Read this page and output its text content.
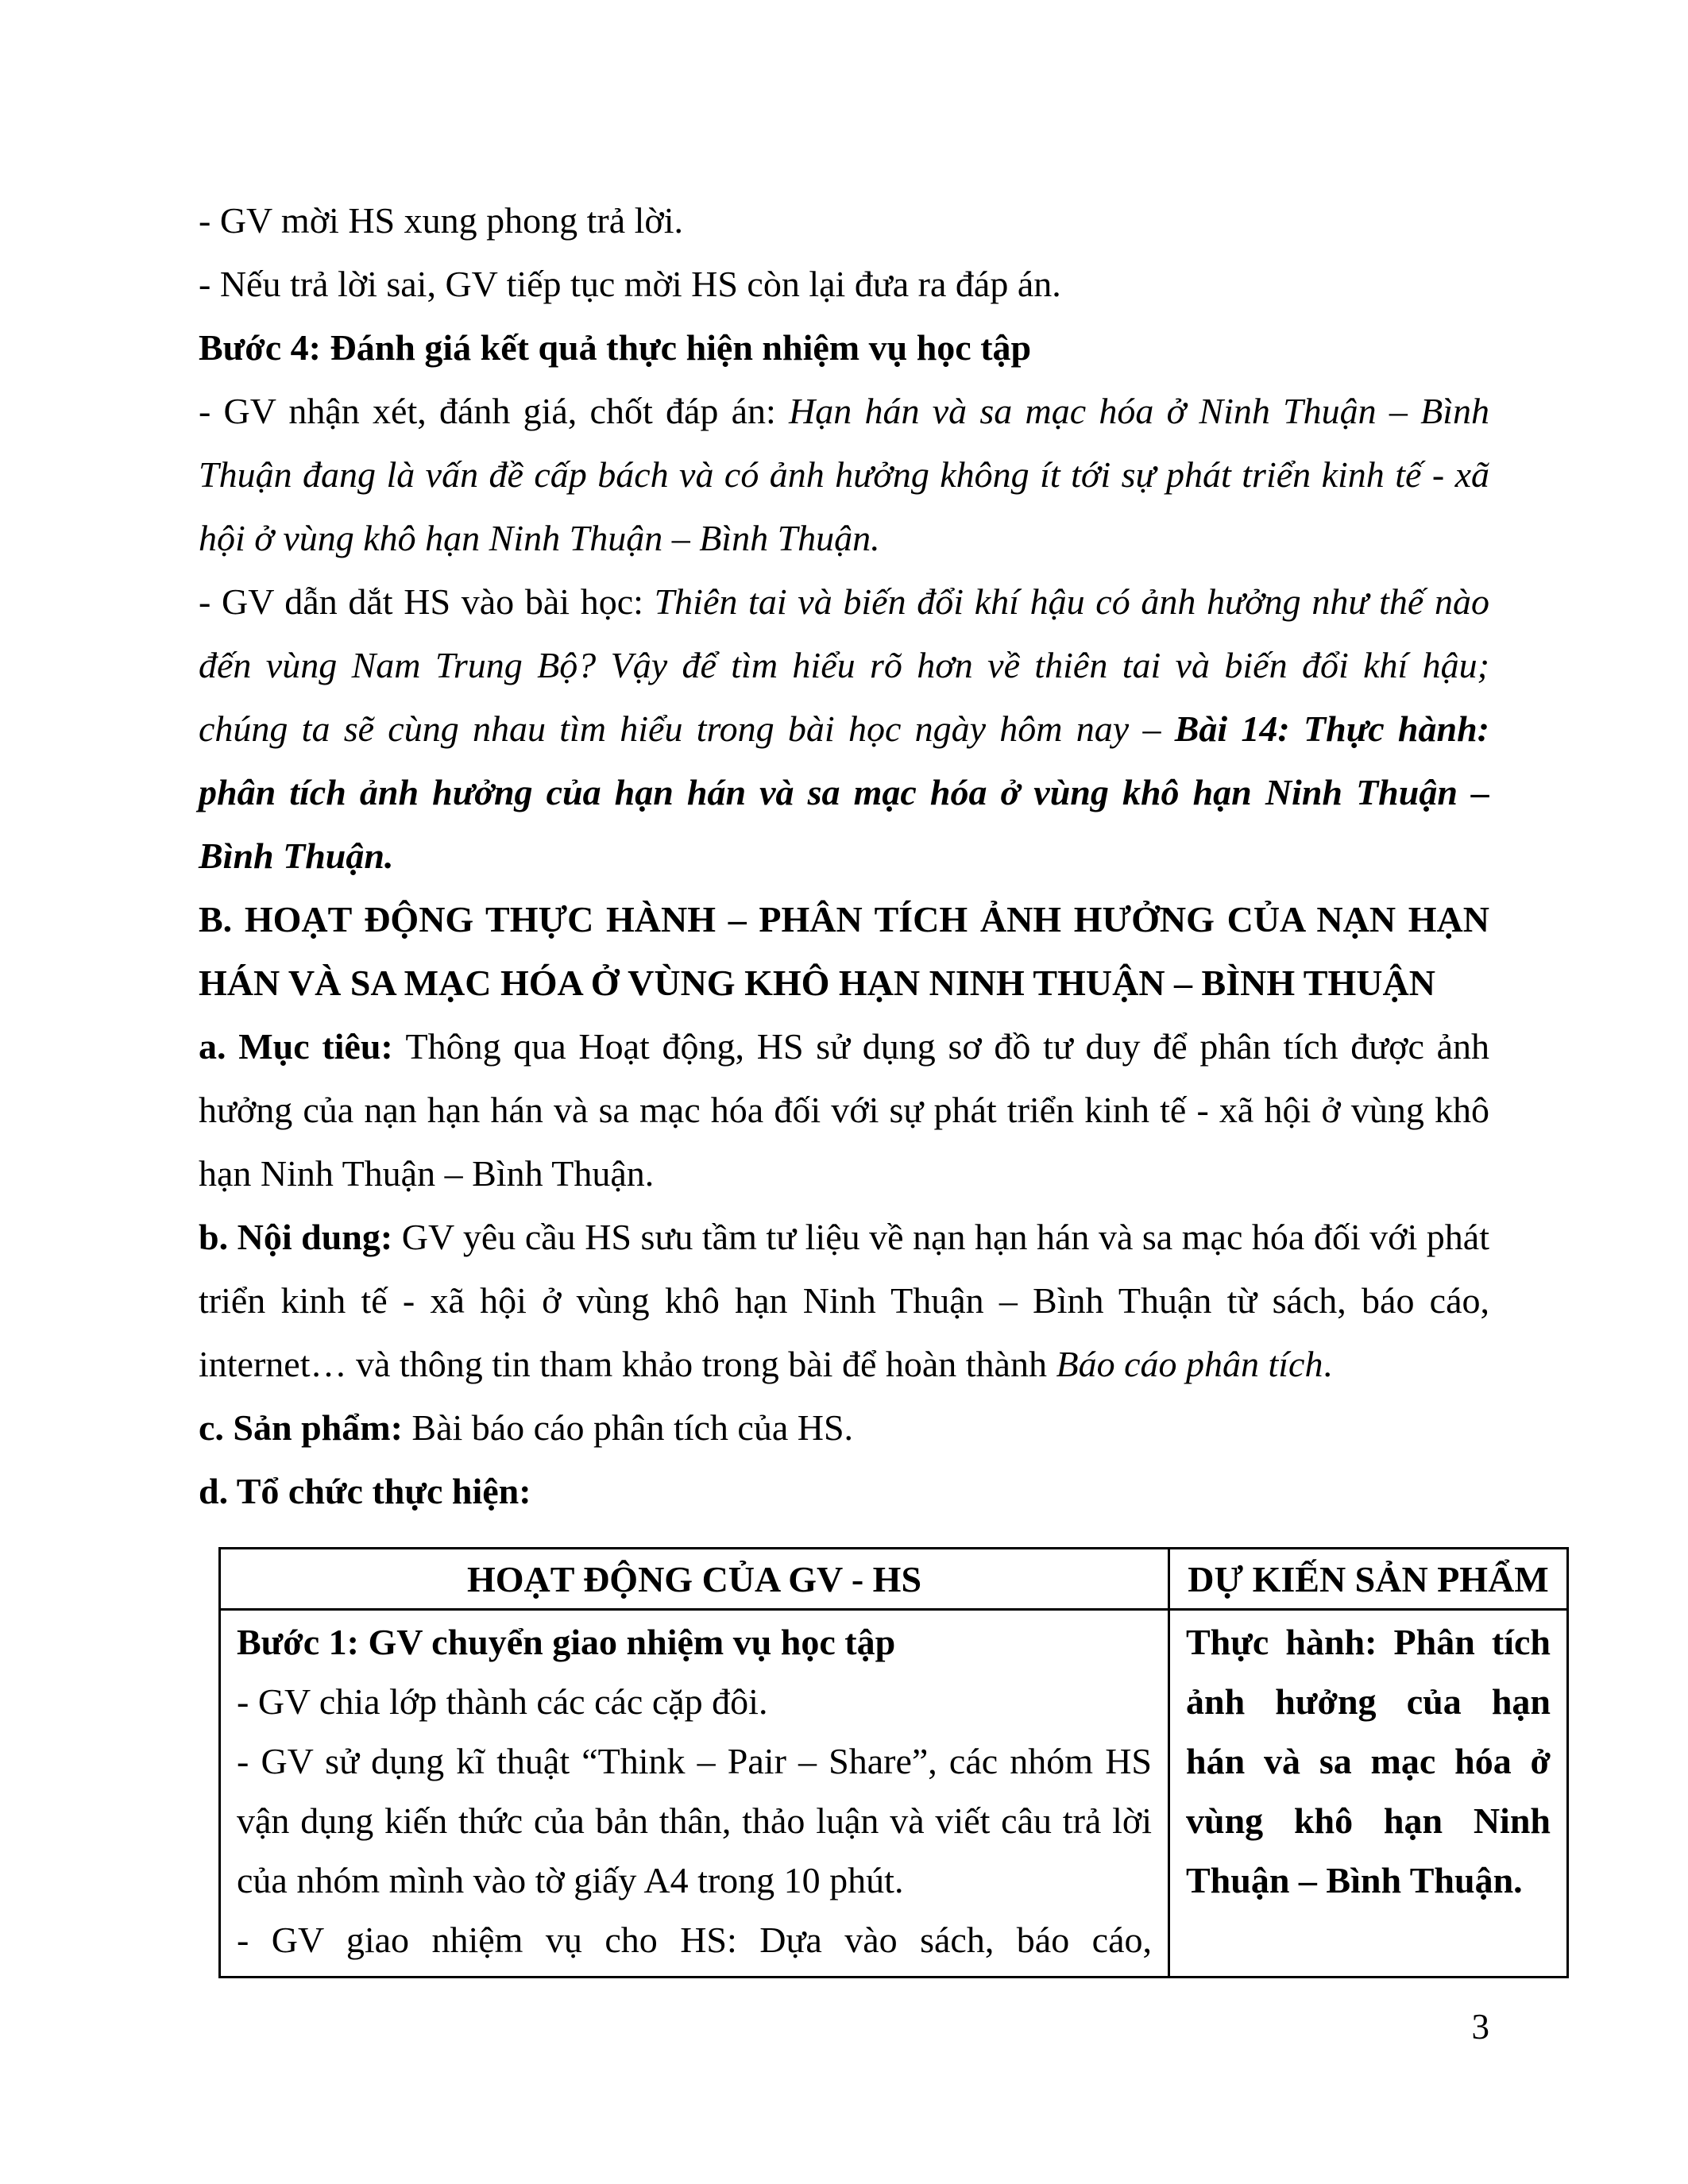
- GV mời HS xung phong trả lời.

- Nếu trả lời sai, GV tiếp tục mời HS còn lại đưa ra đáp án.

Bước 4: Đánh giá kết quả thực hiện nhiệm vụ học tập

- GV nhận xét, đánh giá, chốt đáp án: Hạn hán và sa mạc hóa ở Ninh Thuận – Bình Thuận đang là vấn đề cấp bách và có ảnh hưởng không ít tới sự phát triển kinh tế - xã hội ở vùng khô hạn Ninh Thuận – Bình Thuận.

- GV dẫn dắt HS vào bài học: Thiên tai và biến đổi khí hậu có ảnh hưởng như thế nào đến vùng Nam Trung Bộ? Vậy để tìm hiểu rõ hơn về thiên tai và biến đổi khí hậu; chúng ta sẽ cùng nhau tìm hiểu trong bài học ngày hôm nay – Bài 14: Thực hành: phân tích ảnh hưởng của hạn hán và sa mạc hóa ở vùng khô hạn Ninh Thuận – Bình Thuận.

B. HOẠT ĐỘNG THỰC HÀNH – PHÂN TÍCH ẢNH HƯỞNG CỦA NẠN HẠN HÁN VÀ SA MẠC HÓA Ở VÙNG KHÔ HẠN NINH THUẬN – BÌNH THUẬN

a. Mục tiêu: Thông qua Hoạt động, HS sử dụng sơ đồ tư duy để phân tích được ảnh hưởng của nạn hạn hán và sa mạc hóa đối với sự phát triển kinh tế - xã hội ở vùng khô hạn Ninh Thuận – Bình Thuận.

b. Nội dung: GV yêu cầu HS sưu tầm tư liệu về nạn hạn hán và sa mạc hóa đối với phát triển kinh tế - xã hội ở vùng khô hạn Ninh Thuận – Bình Thuận từ sách, báo cáo, internet… và thông tin tham khảo trong bài để hoàn thành Báo cáo phân tích.

c. Sản phẩm: Bài báo cáo phân tích của HS.

d. Tổ chức thực hiện:

HOẠT ĐỘNG CỦA GV - HS	DỰ KIẾN SẢN PHẨM

Bước 1: GV chuyển giao nhiệm vụ học tập

- GV chia lớp thành các các cặp đôi.

- GV sử dụng kĩ thuật “Think – Pair – Share”, các nhóm HS vận dụng kiến thức của bản thân, thảo luận và viết câu trả lời của nhóm mình vào tờ giấy A4 trong 10 phút.

- GV giao nhiệm vụ cho HS: Dựa vào sách, báo cáo,	Thực hành: Phân tích ảnh hưởng của hạn hán và sa mạc hóa ở vùng khô hạn Ninh Thuận – Bình Thuận.

3
